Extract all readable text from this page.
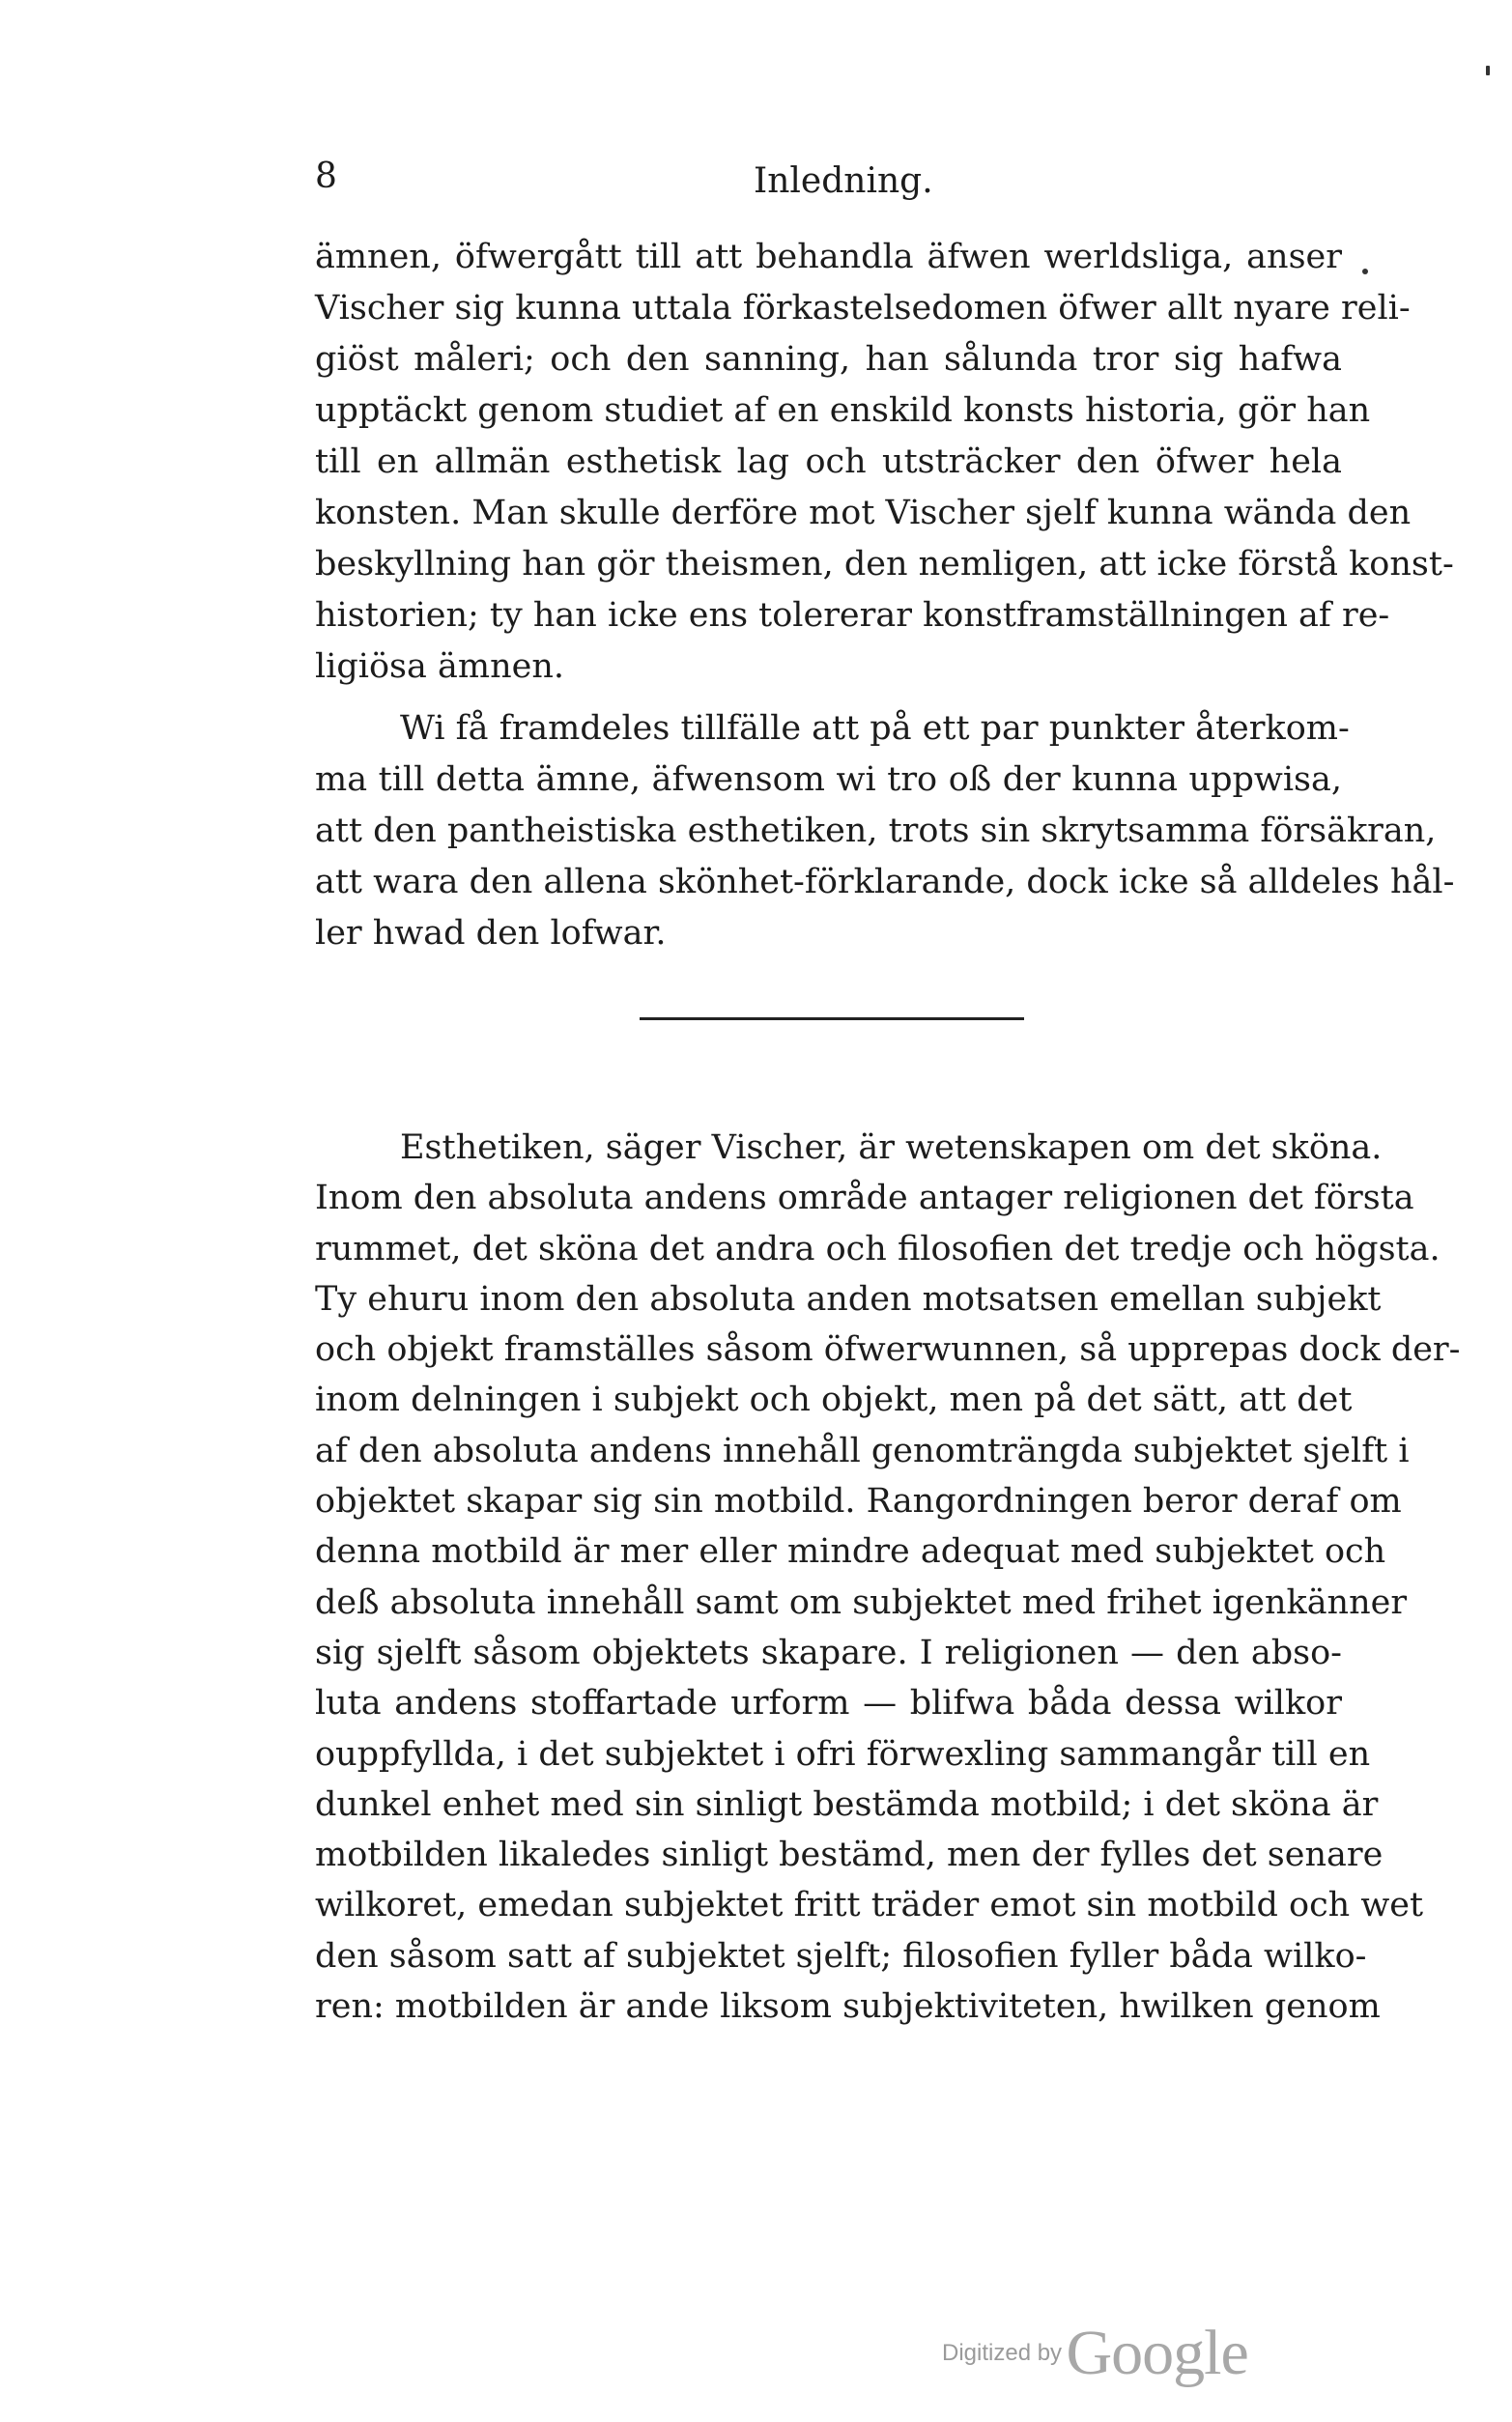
8	Inledning.
ämnen, öfwergått till att behandla äfwen werldsliga, anser
Vischer sig kunna uttala förkastelsedomen öfwer allt nyare reli-
giöst måleri; och den sanning, han sålunda tror sig hafwa
upptäckt genom studiet af en enskild konsts historia, gör han
till en allmän esthetisk lag och utsträcker den öfwer hela
konsten. Man skulle derföre mot Vischer sjelf kunna wända den
beskyllning han gör theismen, den nemligen, att icke förstå konst-
historien; ty han icke ens tolererar konstframställningen af re-
ligiösa ämnen.
Wi få framdeles tillfälle att på ett par punkter återkom-
ma till detta ämne, äfwensom wi tro oß der kunna uppwisa,
att den pantheistiska esthetiken, trots sin skrytsamma försäkran,
att wara den allena skönhet-förklarande, dock icke så alldeles hål-
ler hwad den lofwar.
Esthetiken, säger Vischer, är wetenskapen om det sköna.
Inom den absoluta andens område antager religionen det första
rummet, det sköna det andra och filosofien det tredje och högsta.
Ty ehuru inom den absoluta anden motsatsen emellan subjekt
och objekt framställes såsom öfwerwunnen, så upprepas dock der-
inom delningen i subjekt och objekt, men på det sätt, att det
af den absoluta andens innehåll genomträngda subjektet sjelft i
objektet skapar sig sin motbild. Rangordningen beror deraf om
denna motbild är mer eller mindre adequat med subjektet och
deß absoluta innehåll samt om subjektet med frihet igenkänner
sig sjelft såsom objektets skapare. I religionen — den abso-
luta andens stoffartade urform — blifwa båda dessa wilkor
ouppfyllda, i det subjektet i ofri förwexling sammangår till en
dunkel enhet med sin sinligt bestämda motbild; i det sköna är
motbilden likaledes sinligt bestämd, men der fylles det senare
wilkoret, emedan subjektet fritt träder emot sin motbild och wet
den såsom satt af subjektet sjelft; filosofien fyller båda wilko-
ren: motbilden är ande liksom subjektiviteten, hwilken genom
Digitized by Google
